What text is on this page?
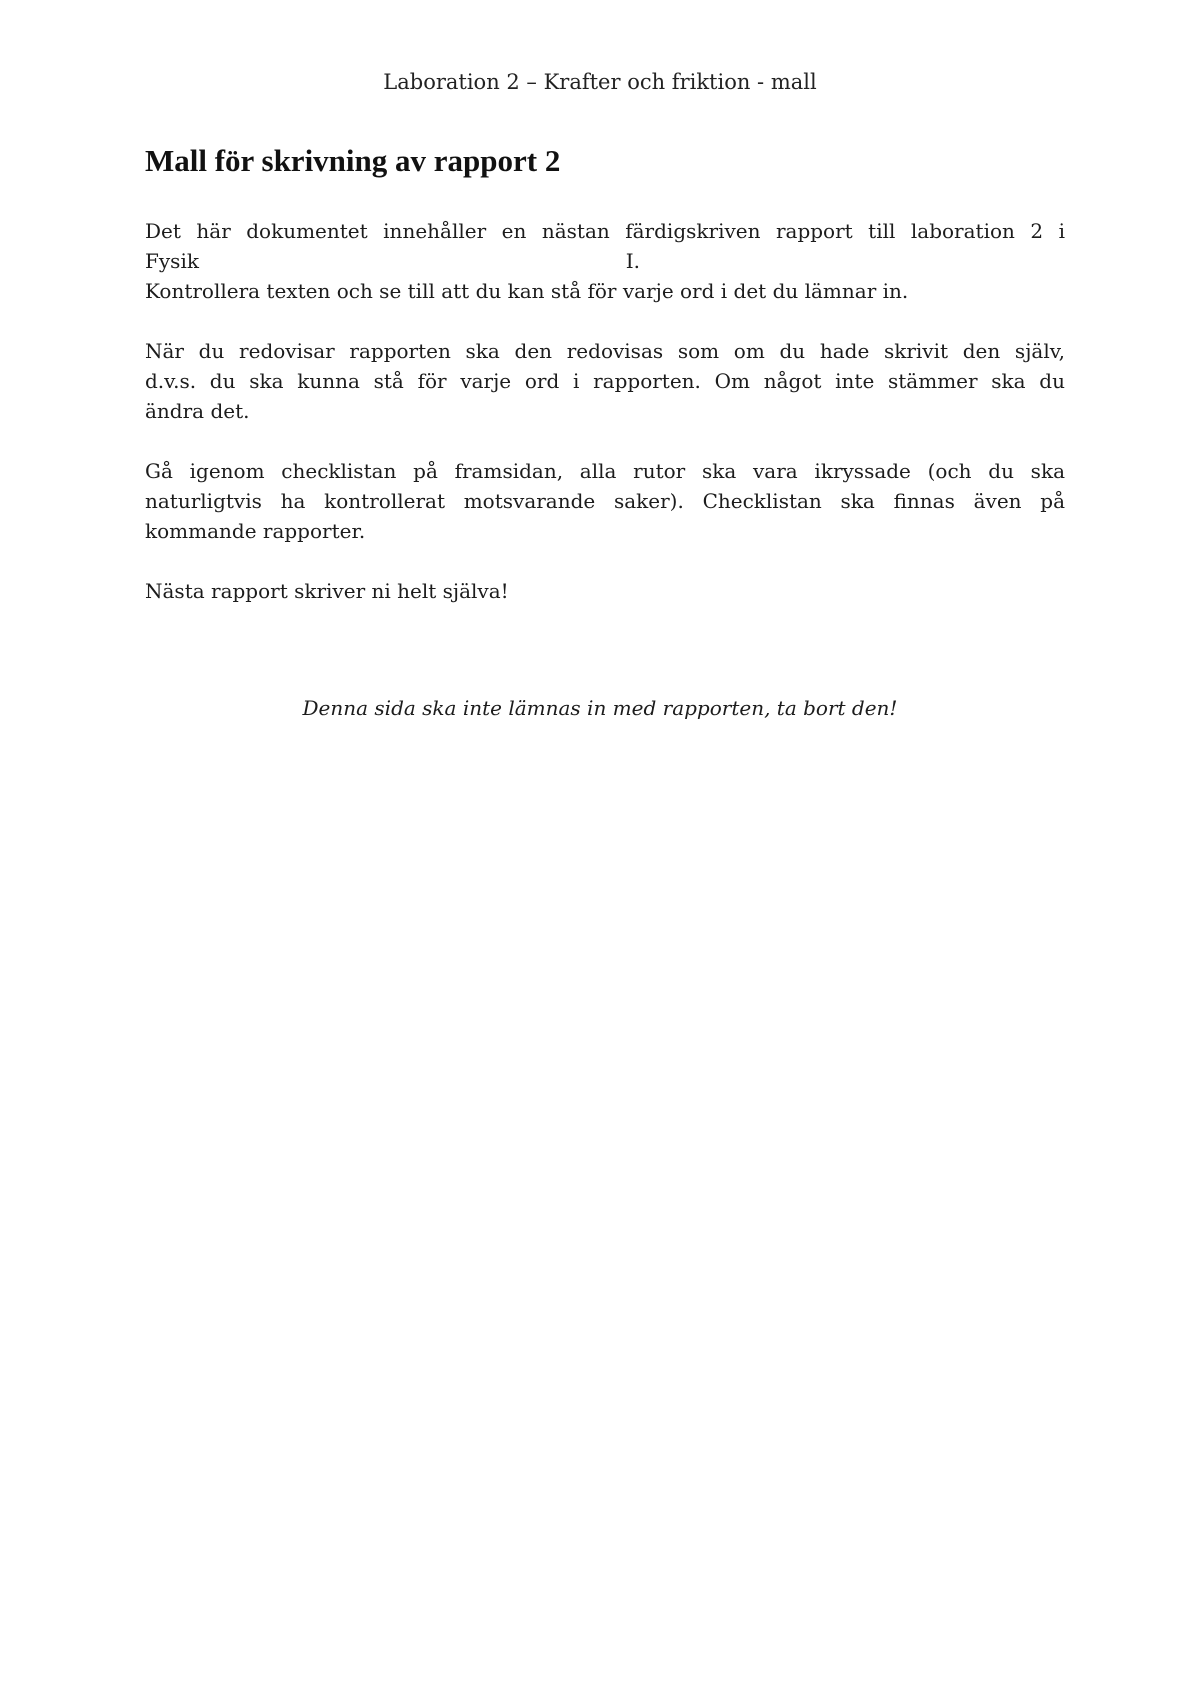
Laboration 2 – Krafter och friktion - mall
Mall för skrivning av rapport 2

Det här dokumentet innehåller en nästan färdigskriven rapport till laboration 2 i
Fysik	I.
Kontrollera texten och se till att du kan stå för varje ord i det du lämnar in.

När du redovisar rapporten ska den redovisas som om du hade skrivit den själv,
d.v.s. du ska kunna stå för varje ord i rapporten. Om något inte stämmer ska du
ändra det.

Gå igenom checklistan på framsidan, alla rutor ska vara ikryssade (och du ska
naturligtvis ha kontrollerat motsvarande saker). Checklistan ska finnas även på
kommande rapporter.

Nästa rapport skriver ni helt själva!

Denna sida ska inte lämnas in med rapporten, ta bort den!
